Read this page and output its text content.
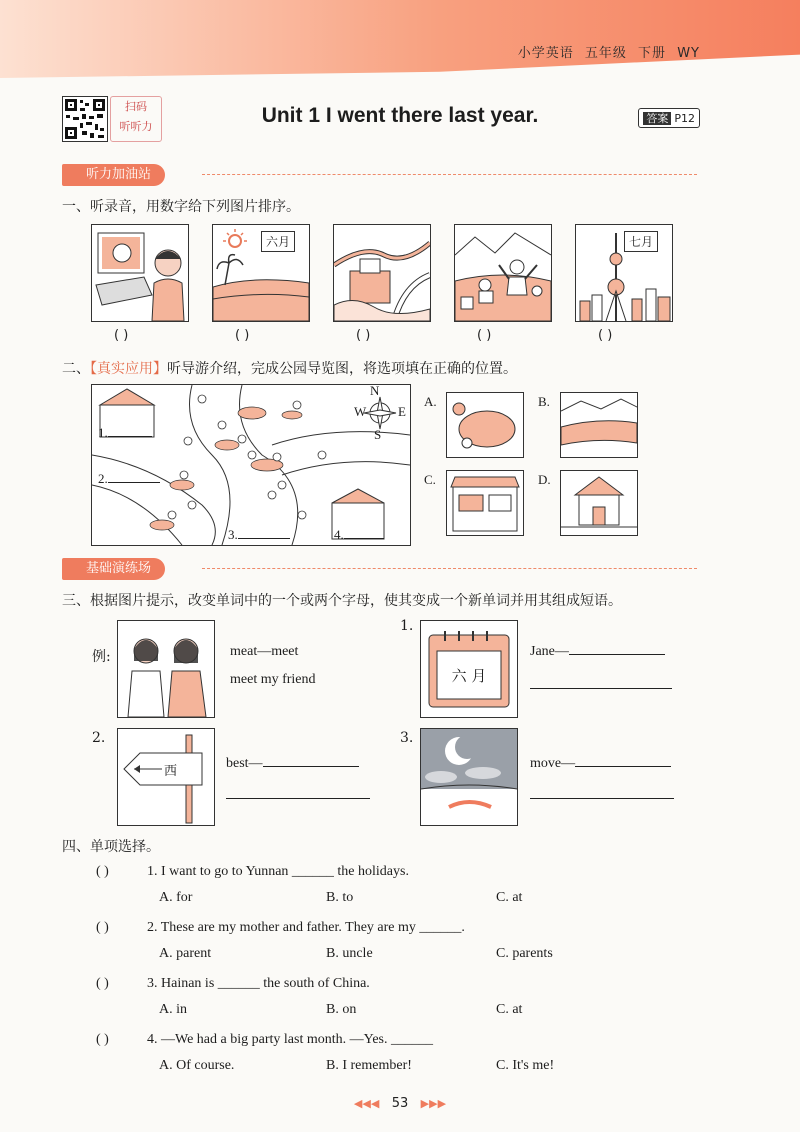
小学英语 五年级 下册 WY
扫码
听听力	Unit 1 I went there last year.	答案 P12
听力加油站
一、听录音，用数字给下列图片排序。
( )
六月
( )	( )	( )
七月
( )
二、【真实应用】听导游介绍，完成公园导览图，将选项填在正确的位置。
N
W E
S
1.
2.
3.	4.
A.	B.
C.	D.
基础演练场
三、根据图片提示，改变单词中的一个或两个字母，使其变成一个新单词并用其组成短语。
例:	meat—meet
meet my friend
1.
六 月
Jane—
2.
西
best—
3.
move—
四、单项选择。
( )	1. I want to go to Yunnan ______ the holidays.
A. for	B. to	C. at
( )	2. These are my mother and father. They are my ______.
A. parent	B. uncle	C. parents
( )	3. Hainan is ______ the south of China.
A. in	B. on	C. at
( )	4. —We had a big party last month. —Yes. ______
A. Of course.	B. I remember!	C. It's me!
◀◀◀ 53 ▶▶▶
